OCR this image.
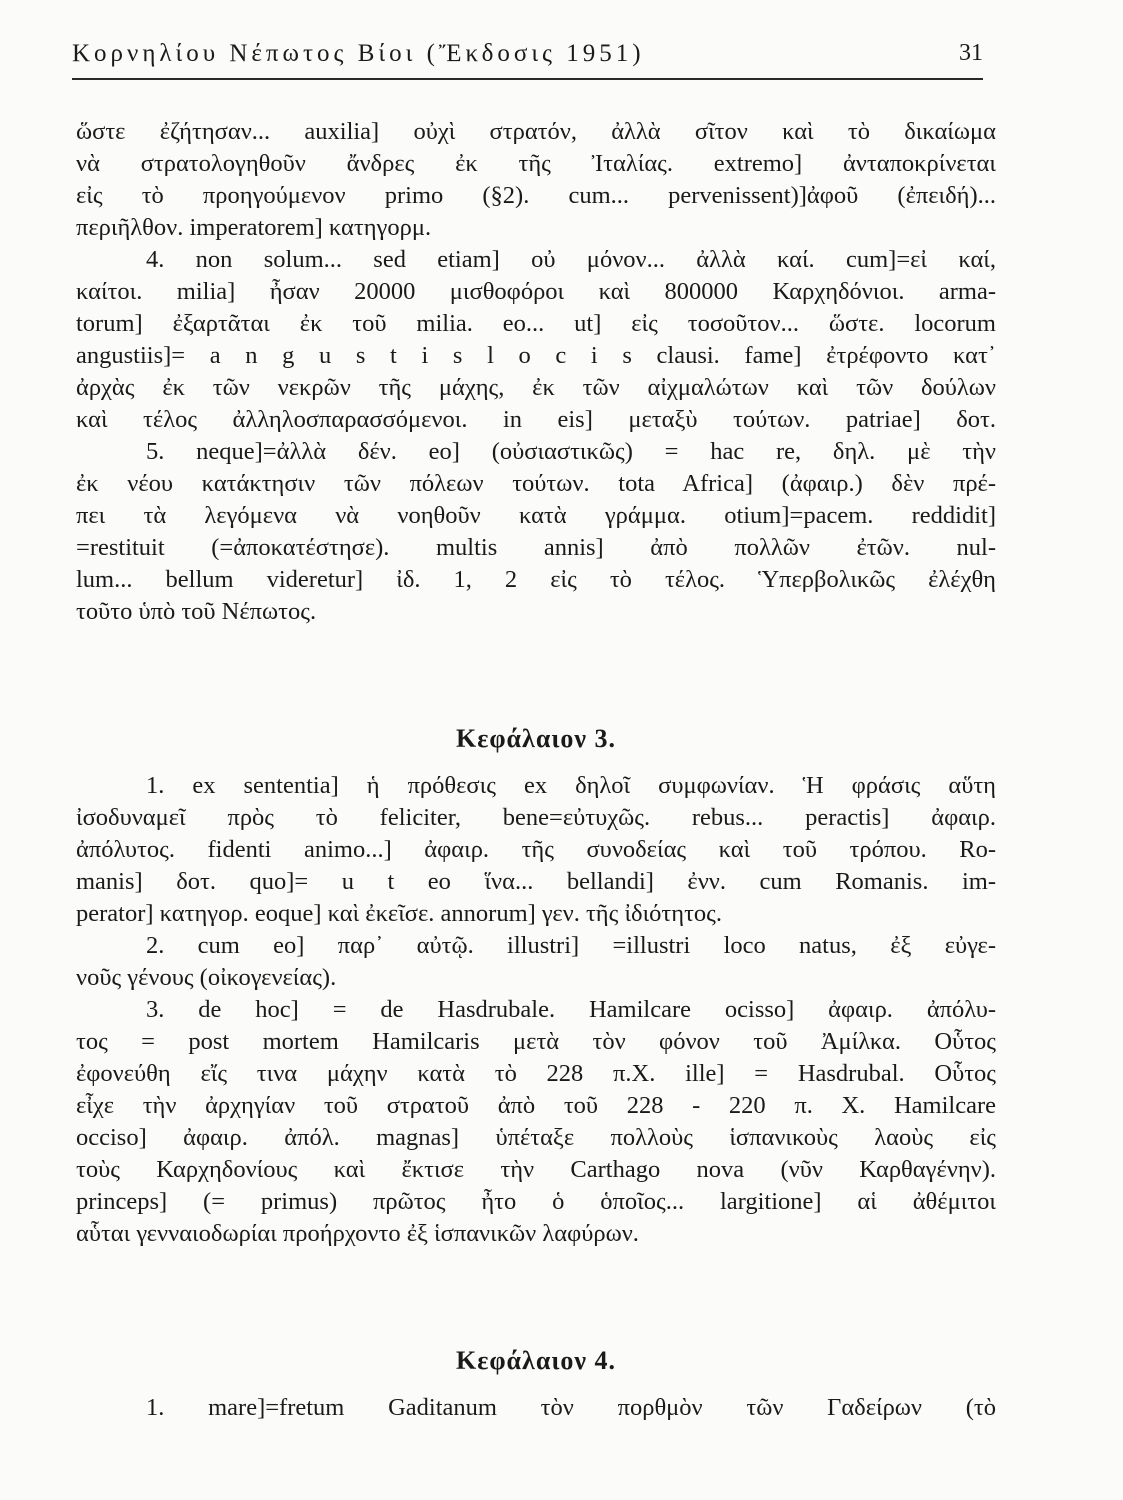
Κορνηλίου Νέπωτος Βίοι (Ἔκδοσις 1951)	31
ὥστε ἐζήτησαν... auxilia] οὐχὶ στρατόν, ἀλλὰ σῖτον καὶ τὸ δικαίωμα
νὰ στρατολογηθοῦν ἄνδρες ἐκ τῆς Ἰταλίας. extremo] ἀνταποκρίνεται
εἰς τὸ προηγούμενον primo (§2). cum... pervenissent)]ἀφοῦ (ἐπειδή)...
περιῆλθον. imperatorem] κατηγορμ.
4. non solum... sed etiam] οὐ μόνον... ἀλλὰ καί. cum]=εἰ καί,
καίτοι. milia] ἦσαν 20000 μισθοφόροι καὶ 800000 Καρχηδόνιοι. arma-
torum] ἐξαρτᾶται ἐκ τοῦ milia. eo... ut] εἰς τοσοῦτον... ὥστε. locorum
angustiis]= a n g u s t i s l o c i s clausi. fame] ἐτρέφοντο κατ᾽
ἀρχὰς ἐκ τῶν νεκρῶν τῆς μάχης, ἐκ τῶν αἰχμαλώτων καὶ τῶν δούλων
καὶ τέλος ἀλληλοσπαρασσόμενοι. in eis] μεταξὺ τούτων. patriae] δοτ.
5. neque]=ἀλλὰ δέν. eo] (οὐσιαστικῶς) = hac re, δηλ. μὲ τὴν
ἐκ νέου κατάκτησιν τῶν πόλεων τούτων. tota Africa] (ἀφαιρ.) δὲν πρέ-
πει τὰ λεγόμενα νὰ νοηθοῦν κατὰ γράμμα. otium]=pacem. reddidit]
=restituit (=ἀποκατέστησε). multis annis] ἀπὸ πολλῶν ἐτῶν. nul-
lum... bellum videretur] ἰδ. 1, 2 εἰς τὸ τέλος. Ὑπερβολικῶς ἐλέχθη
τοῦτο ὑπὸ τοῦ Νέπωτος.
Κεφάλαιον 3.
1. ex sententia] ἡ πρόθεσις ex δηλοῖ συμφωνίαν. Ἡ φράσις αὕτη
ἰσοδυναμεῖ πρὸς τὸ feliciter, bene=εὐτυχῶς. rebus... peractis] ἀφαιρ.
ἀπόλυτος. fidenti animo...] ἀφαιρ. τῆς συνοδείας καὶ τοῦ τρόπου. Ro-
manis] δοτ. quo]= u t eo ἵνα... bellandi] ἐνν. cum Romanis. im-
perator] κατηγορ. eoque] καὶ ἐκεῖσε. annorum] γεν. τῆς ἰδιότητος.
2. cum eo] παρ᾽ αὐτῷ. illustri] =illustri loco natus, ἐξ εὐγε-
νοῦς γένους (οἰκογενείας).
3. de hoc] = de Hasdrubale. Hamilcare ocisso] ἀφαιρ. ἀπόλυ-
τος = post mortem Hamilcaris μετὰ τὸν φόνον τοῦ Ἀμίλκα. Οὗτος
ἐφονεύθη εἴς τινα μάχην κατὰ τὸ 228 π.Χ. ille] = Hasdrubal. Οὗτος
εἶχε τὴν ἀρχηγίαν τοῦ στρατοῦ ἀπὸ τοῦ 228 - 220 π. Χ. Hamilcare
occiso] ἀφαιρ. ἀπόλ. magnas] ὑπέταξε πολλοὺς ἱσπανικοὺς λαοὺς εἰς
τοὺς Καρχηδονίους καὶ ἔκτισε τὴν Carthago nova (νῦν Καρθαγένην).
princeps] (= primus) πρῶτος ἦτο ὁ ὁποῖος... largitione] αἱ ἀθέμιτοι
αὗται γενναιοδωρίαι προήρχοντο ἐξ ἱσπανικῶν λαφύρων.
Κεφάλαιον 4.
1. mare]=fretum Gaditanum τὸν πορθμὸν τῶν Γαδείρων (τὸ
